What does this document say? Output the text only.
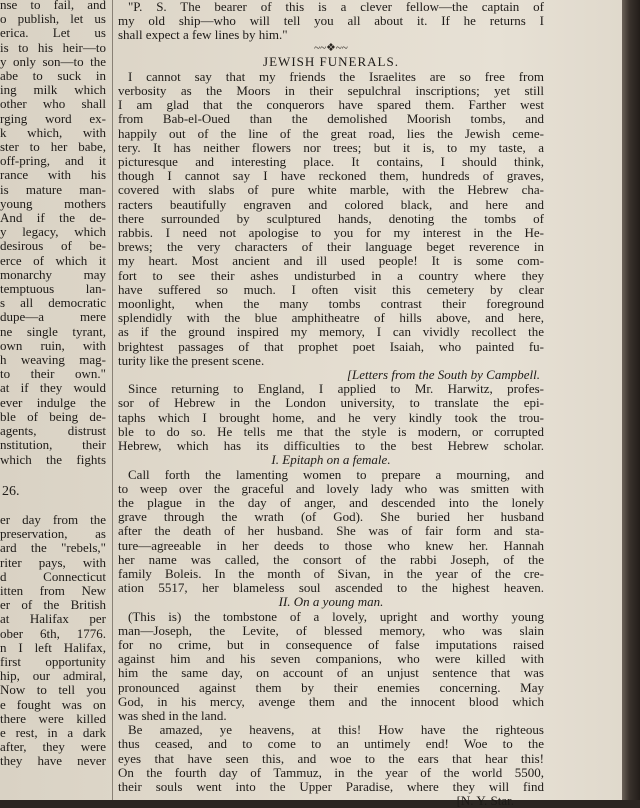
nse to fail, and
o publish, let us
erica. Let us
is to his heir—to
y only son—to the
abe to suck in
ing milk which
other who shall
rging word ex-
k which, with
ster to her babe,
off-pring, and it
rance with his
is mature man-
young mothers
And if the de-
y legacy, which
desirous of be-
erce of which it
monarchy may
temptuous lan-
s all democratic
dupe—a mere
ne single tyrant,
own ruin, with
h weaving mag-
to their own."
at if they would
ever indulge the
ble of being de-
agents, distrust
nstitution, their
which the fights
26.
er day from the
preservation, as
ard the "rebels,"
riter pays, with
d Connecticut
itten from New
er of the British
at Halifax per
ober 6th, 1776.
n I left Halifax,
first opportunity
hip, our admiral,
Now to tell you
e fought was on
there were killed
e rest, in a dark
after, they were
they have never
"P. S. The bearer of this is a clever fellow—the captain of
my old ship—who will tell you all about it. If he returns I
shall expect a few lines by him."
~~❖~~
JEWISH FUNERALS.
I cannot say that my friends the Israelites are so free from
verbosity as the Moors in their sepulchral inscriptions; yet still
I am glad that the conquerors have spared them. Farther west
from Bab-el-Oued than the demolished Moorish tombs, and
happily out of the line of the great road, lies the Jewish ceme-
tery. It has neither flowers nor trees; but it is, to my taste, a
picturesque and interesting place. It contains, I should think,
though I cannot say I have reckoned them, hundreds of graves,
covered with slabs of pure white marble, with the Hebrew cha-
racters beautifully engraven and colored black, and here and
there surrounded by sculptured hands, denoting the tombs of
rabbis. I need not apologise to you for my interest in the He-
brews; the very characters of their language beget reverence in
my heart. Most ancient and ill used people! It is some com-
fort to see their ashes undisturbed in a country where they
have suffered so much. I often visit this cemetery by clear
moonlight, when the many tombs contrast their foreground
splendidly with the blue amphitheatre of hills above, and here,
as if the ground inspired my memory, I can vividly recollect the
brightest passages of that prophet poet Isaiah, who painted fu-
turity like the present scene.
[Letters from the South by Campbell.
Since returning to England, I applied to Mr. Harwitz, profes-
sor of Hebrew in the London university, to translate the epi-
taphs which I brought home, and he very kindly took the trou-
ble to do so. He tells me that the style is modern, or corrupted
Hebrew, which has its difficulties to the best Hebrew scholar.
I. Epitaph on a female.
Call forth the lamenting women to prepare a mourning, and
to weep over the graceful and lovely lady who was smitten with
the plague in the day of anger, and descended into the lonely
grave through the wrath (of God). She buried her husband
after the death of her husband. She was of fair form and sta-
ture—agreeable in her deeds to those who knew her. Hannah
her name was called, the consort of the rabbi Joseph, of the
family Boleis. In the month of Sivan, in the year of the cre-
ation 5517, her blameless soul ascended to the highest heaven.
II. On a young man.
(This is) the tombstone of a lovely, upright and worthy young
man—Joseph, the Levite, of blessed memory, who was slain
for no crime, but in consequence of false imputations raised
against him and his seven companions, who were killed with
him the same day, on account of an unjust sentence that was
pronounced against them by their enemies concerning. May
God, in his mercy, avenge them and the innocent blood which
was shed in the land.
Be amazed, ye heavens, at this! How have the righteous
thus ceased, and to come to an untimely end! Woe to the
eyes that have seen this, and woe to the ears that hear this!
On the fourth day of Tammuz, in the year of the world 5500,
their souls went into the Upper Paradise, where they will find
[N. Y. Star.
